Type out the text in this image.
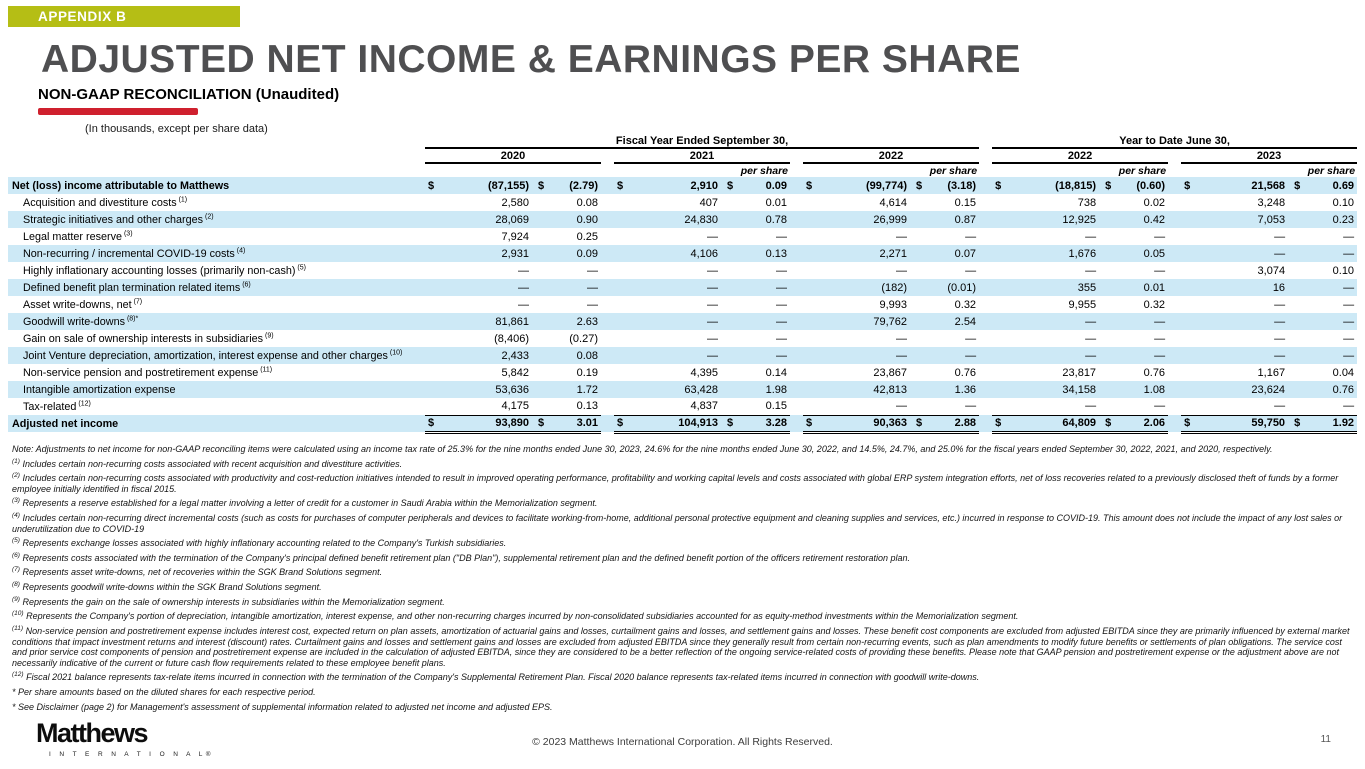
APPENDIX B
ADJUSTED NET INCOME & EARNINGS PER SHARE
NON-GAAP RECONCILIATION (Unaudited)
(In thousands, except per share data)
	Fiscal Year Ended September 30,															Year to Date June 30,								
	2020					2021					2022					2022					2023			
						per share					per share					per share					per share			
Net (loss) income attributable to Matthews	$	(87,155)	$	(2.79)		$	2,910	$	0.09		$	(99,774)	$	(3.18)		$	(18,815)	$	(0.60)		$	21,568	$	0.69
Acquisition and divestiture costs $^{(1)}$		2,580		0.08			407		0.01			4,614		0.15			738		0.02			3,248		0.10
Strategic initiatives and other charges $^{(2)}$		28,069		0.90			24,830		0.78			26,999		0.87			12,925		0.42			7,053		0.23
Legal matter reserve $^{(3)}$		7,924		0.25			—		—			—		—			—		—			—		—
Non-recurring / incremental COVID-19 costs $^{(4)}$		2,931		0.09			4,106		0.13			2,271		0.07			1,676		0.05			—		—
Highly inflationary accounting losses (primarily non-cash) $^{(5)}$		—		—			—		—			—		—			—		—			3,074		0.10
Defined benefit plan termination related items $^{(6)}$		—		—			—		—			(182)		(0.01)			355		0.01			16		—
Asset write-downs, net $^{(7)}$		—		—			—		—			9,993		0.32			9,955		0.32			—		—
Goodwill write-downs $^{(8)*}$		81,861		2.63			—		—			79,762		2.54			—		—			—		—
Gain on sale of ownership interests in subsidiaries $^{(9)}$		(8,406)		(0.27)			—		—			—		—			—		—			—		—
Joint Venture depreciation, amortization, interest expense and other charges $^{(10)}$		2,433		0.08			—		—			—		—			—		—			—		—
Non-service pension and postretirement expense $^{(11)}$		5,842		0.19			4,395		0.14			23,867		0.76			23,817		0.76			1,167		0.04
Intangible amortization expense		53,636		1.72			63,428		1.98			42,813		1.36			34,158		1.08			23,624		0.76
Tax-related $^{(12)}$		4,175		0.13			4,837		0.15			—		—			—		—			—		—
Adjusted net income	$	93,890	$	3.01		$	104,913	$	3.28		$	90,363	$	2.88		$	64,809	$	2.06		$	59,750	$	1.92

Note: Adjustments to net income for non-GAAP reconciling items were calculated using an income tax rate of 25.3% for the nine months ended June 30, 2023, 24.6% for the nine months ended June 30, 2022, and 14.5%, 24.7%, and 25.0% for the fiscal years ended September 30, 2022, 2021, and 2020, respectively.

$^{(1)}$ Includes certain non-recurring costs associated with recent acquisition and divestiture activities.

$^{(2)}$ Includes certain non-recurring costs associated with productivity and cost-reduction initiatives intended to result in improved operating performance, profitability and working capital levels and costs associated with global ERP system integration efforts, net of loss recoveries related to a previously disclosed theft of funds by a former employee initially identified in fiscal 2015.

$^{(3)}$ Represents a reserve established for a legal matter involving a letter of credit for a customer in Saudi Arabia within the Memorialization segment.

$^{(4)}$ Includes certain non-recurring direct incremental costs (such as costs for purchases of computer peripherals and devices to facilitate working-from-home, additional personal protective equipment and cleaning supplies and services, etc.) incurred in response to COVID-19. This amount does not include the impact of any lost sales or underutilization due to COVID-19

$^{(5)}$ Represents exchange losses associated with highly inflationary accounting related to the Company's Turkish subsidiaries.

$^{(6)}$ Represents costs associated with the termination of the Company's principal defined benefit retirement plan ("DB Plan"), supplemental retirement plan and the defined benefit portion of the officers retirement restoration plan.

$^{(7)}$ Represents asset write-downs, net of recoveries within the SGK Brand Solutions segment.

$^{(8)}$ Represents goodwill write-downs within the SGK Brand Solutions segment.

$^{(9)}$ Represents the gain on the sale of ownership interests in subsidiaries within the Memorialization segment.

$^{(10)}$ Represents the Company's portion of depreciation, intangible amortization, interest expense, and other non-recurring charges incurred by non-consolidated subsidiaries accounted for as equity-method investments within the Memorialization segment.

$^{(11)}$ Non-service pension and postretirement expense includes interest cost, expected return on plan assets, amortization of actuarial gains and losses, curtailment gains and losses, and settlement gains and losses. These benefit cost components are excluded from adjusted EBITDA since they are primarily influenced by external market conditions that impact investment returns and interest (discount) rates. Curtailment gains and losses and settlement gains and losses are excluded from adjusted EBITDA since they generally result from certain non-recurring events, such as plan amendments to modify future benefits or settlements of plan obligations. The service cost and prior service cost components of pension and postretirement expense are included in the calculation of adjusted EBITDA, since they are considered to be a better reflection of the ongoing service-related costs of providing these benefits. Please note that GAAP pension and postretirement expense or the adjustment above are not necessarily indicative of the current or future cash flow requirements related to these employee benefit plans.

$^{(12)}$ Fiscal 2021 balance represents tax-relate items incurred in connection with the termination of the Company's Supplemental Retirement Plan. Fiscal 2020 balance represents tax-related items incurred in connection with goodwill write-downs.

* Per share amounts based on the diluted shares for each respective period.

* See Disclaimer (page 2) for Management's assessment of supplemental information related to adjusted net income and adjusted EPS.

Matthews
I N T E R N A T I O N A L®
© 2023 Matthews International Corporation. All Rights Reserved.	11
